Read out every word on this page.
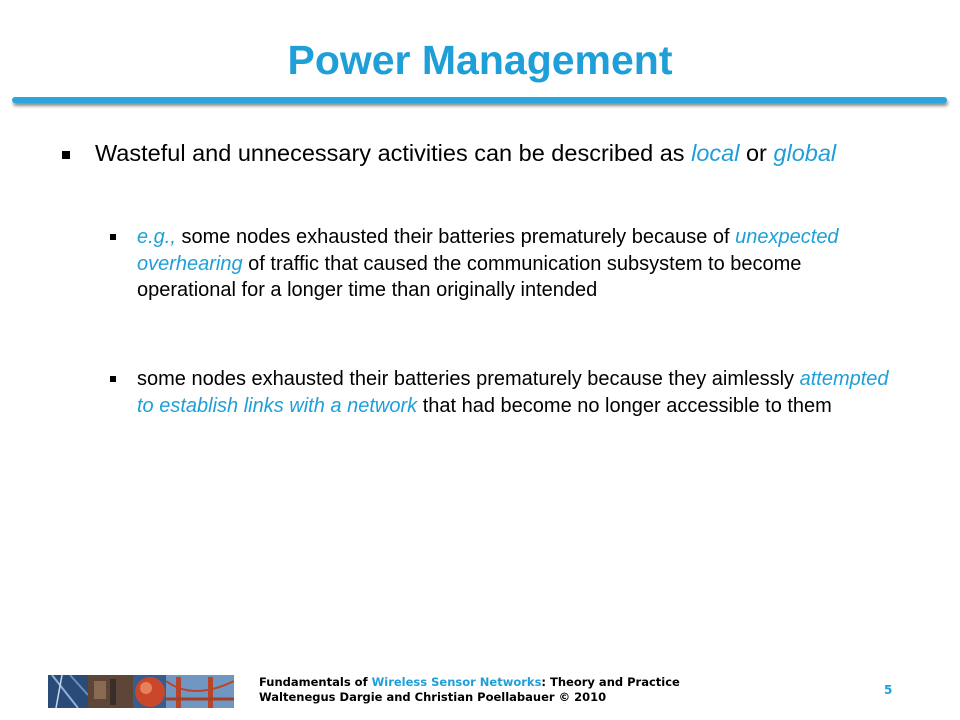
Power Management
Wasteful and unnecessary activities can be described as local or global
e.g., some nodes exhausted their batteries prematurely because of unexpected overhearing of traffic that caused the communication subsystem to become operational for a longer time than originally intended
some nodes exhausted their batteries prematurely because they aimlessly attempted to establish links with a network that had become no longer accessible to them
Fundamentals of Wireless Sensor Networks: Theory and Practice
Waltenegus Dargie and Christian Poellabauer © 2010	5
